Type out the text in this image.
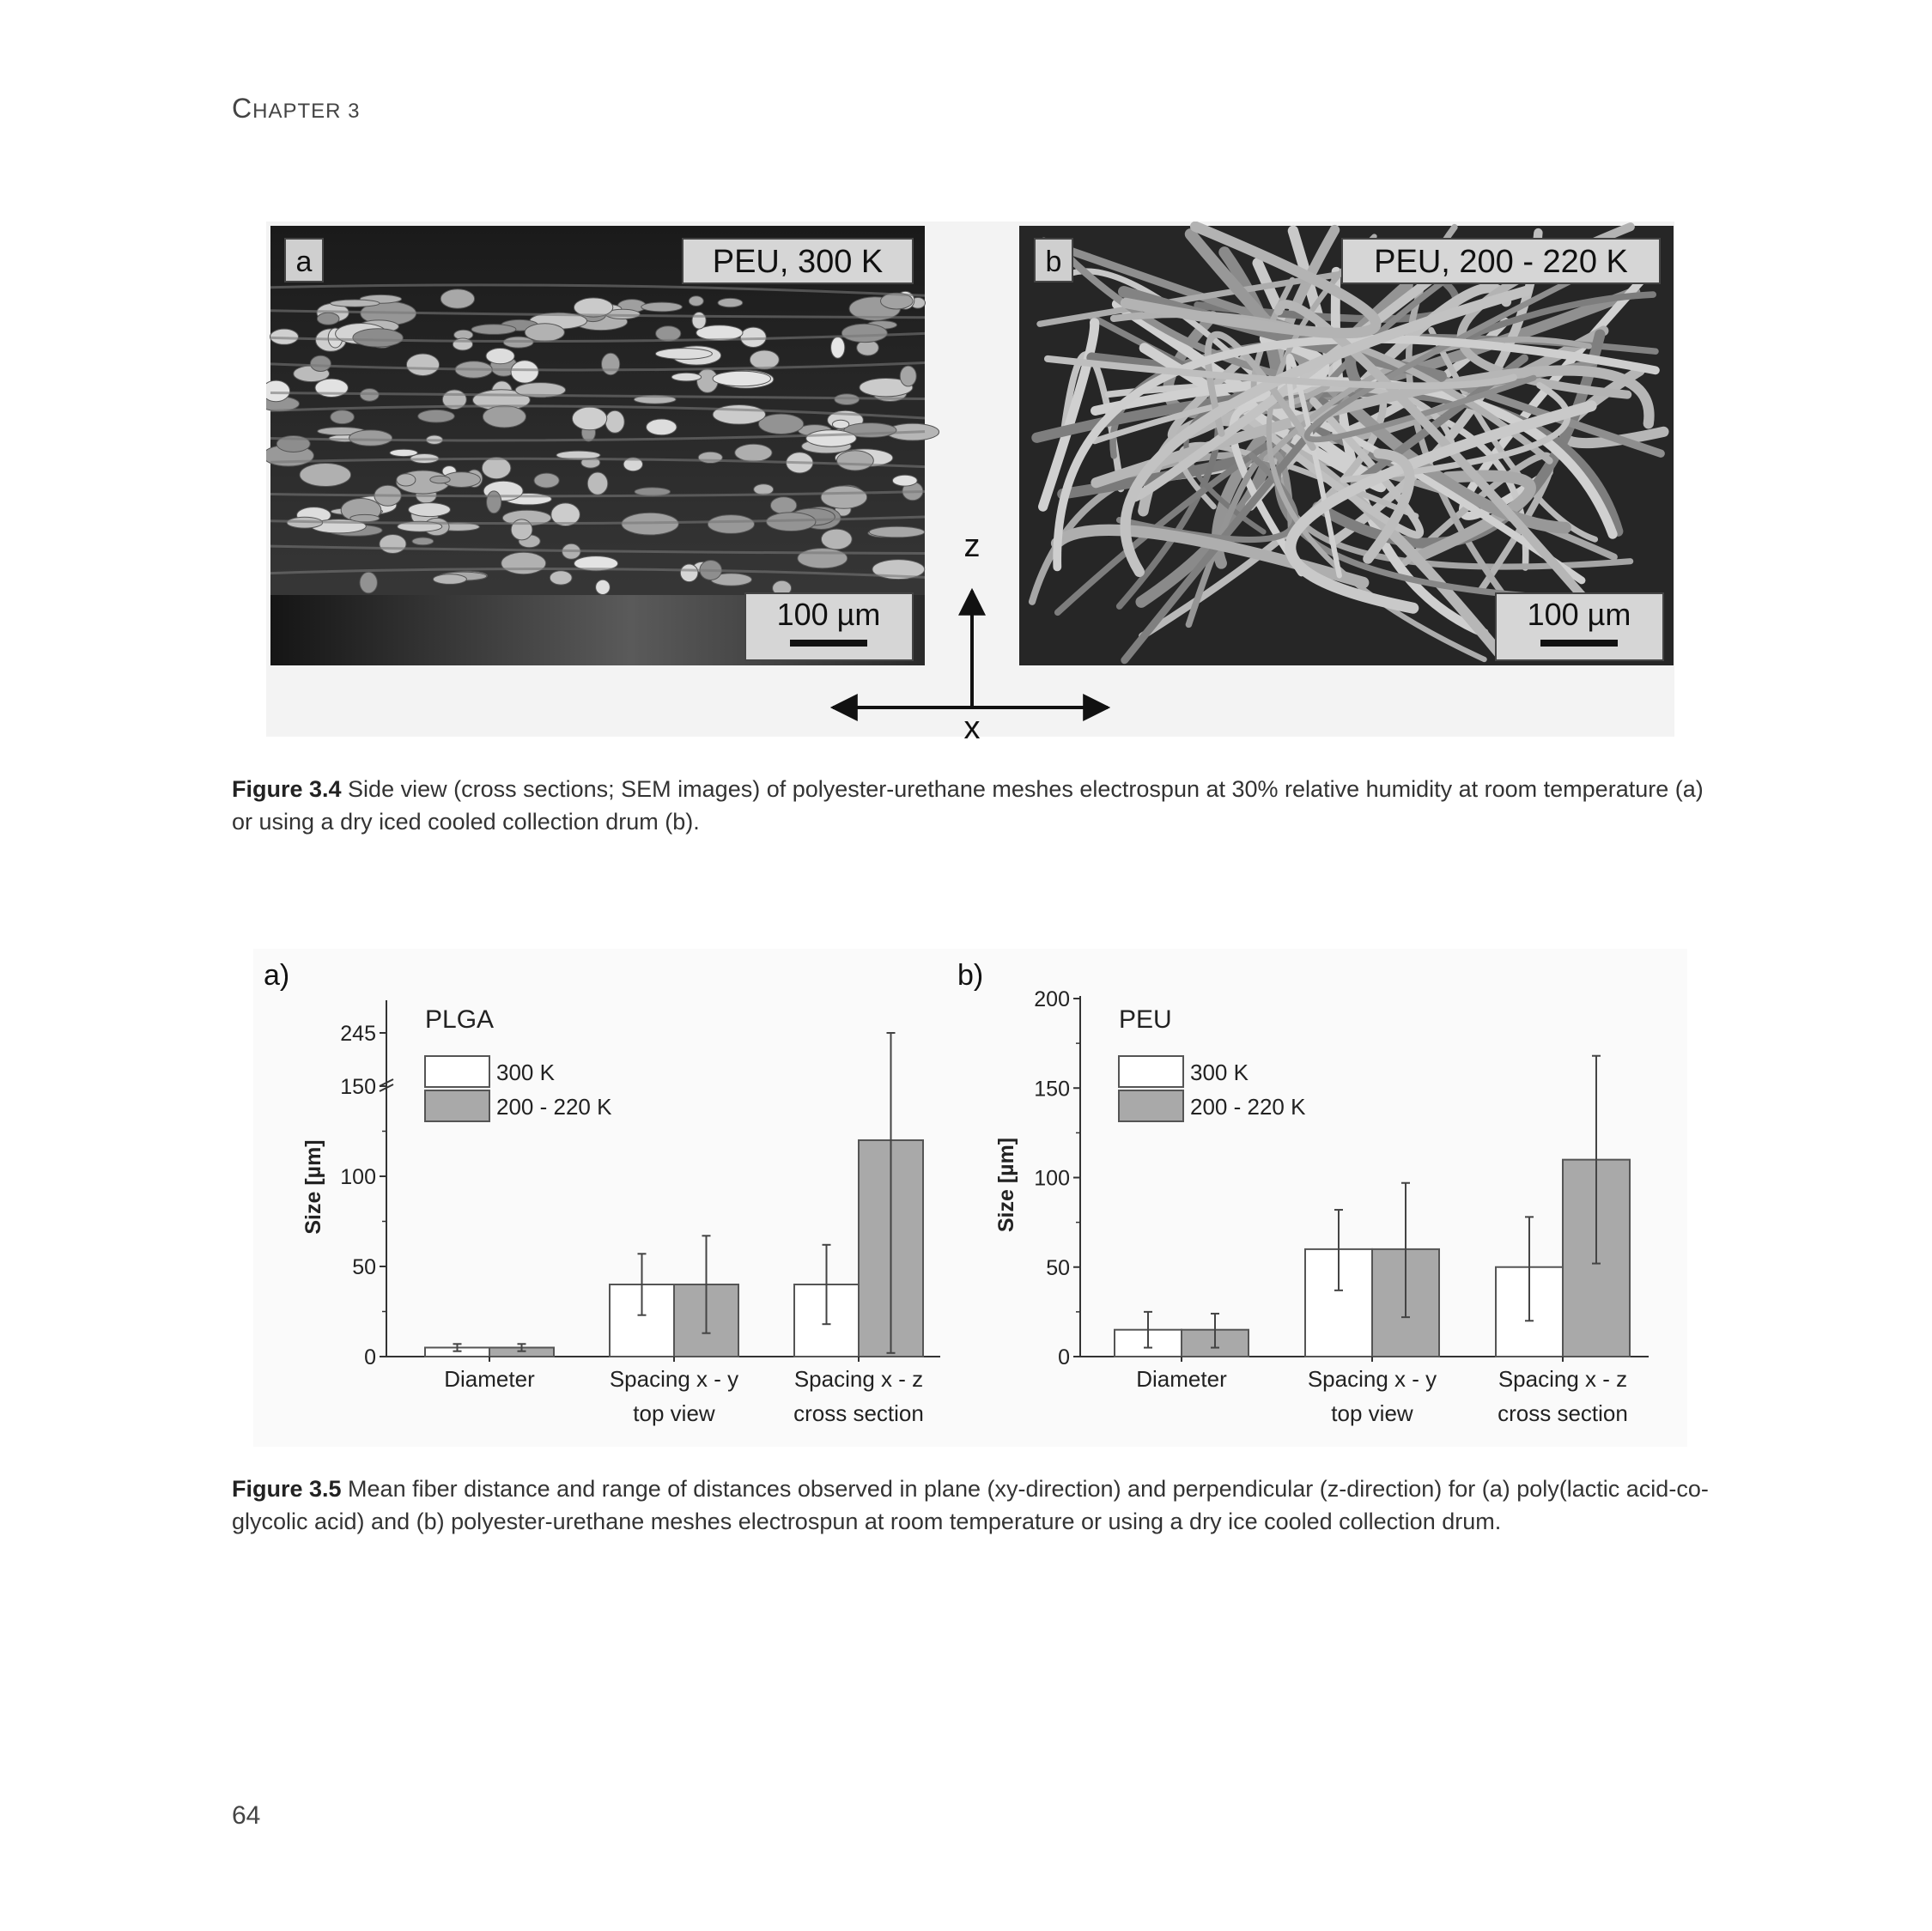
CHAPTER 3
a	PEU, 300 K
100 µm
b	PEU, 200 - 220 K
100 µm
z
x
Figure 3.4 Side view (cross sections; SEM images) of polyester-urethane meshes electrospun at 30% relative humidity at room temperature (a) or using a dry iced cooled collection drum (b).
a)
0
50
100
150
245
Size [µm]
PLGA
300 K
200 - 220 K
Diameter	Spacing x - y
top view
Spacing x - z
cross section
b)
0
50
100
150
200
Size [µm]
PEU
300 K
200 - 220 K
Diameter	Spacing x - y
top view
Spacing x - z
cross section
Figure 3.5 Mean fiber distance and range of distances observed in plane (xy-direction) and perpendicular (z-direction) for (a) poly(lactic acid-co-glycolic acid) and (b) polyester-urethane meshes electrospun at room temperature or using a dry ice cooled collection drum.
64
